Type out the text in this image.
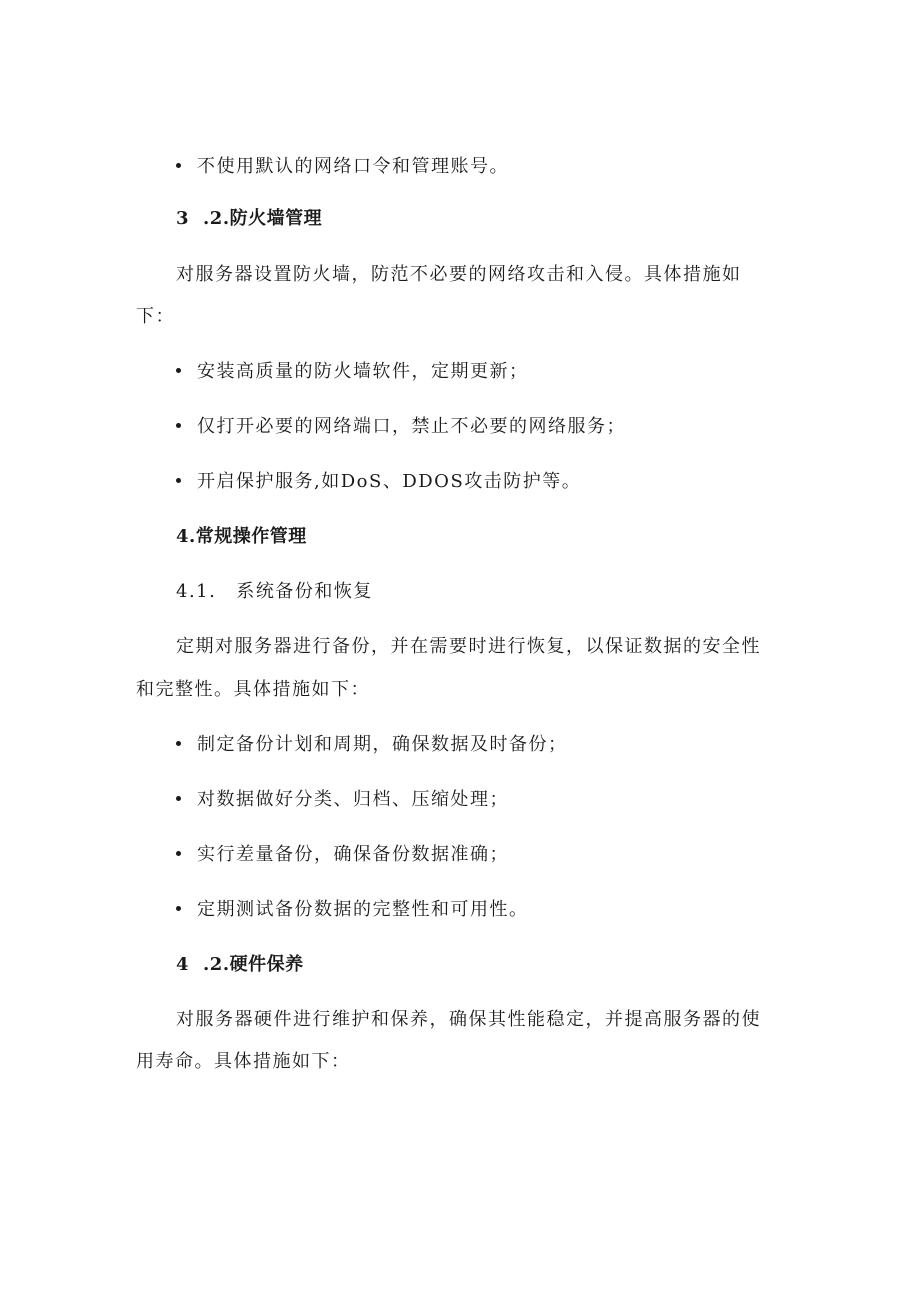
不使用默认的网络口令和管理账号。
3 .2.防火墙管理
对服务器设置防火墙，防范不必要的网络攻击和入侵。具体措施如
下：
安装高质量的防火墙软件，定期更新；
仅打开必要的网络端口，禁止不必要的网络服务；
开启保护服务,如DoS、DDOS攻击防护等。
4.常规操作管理
4.1. 系统备份和恢复
定期对服务器进行备份，并在需要时进行恢复，以保证数据的安全性
和完整性。具体措施如下：
制定备份计划和周期，确保数据及时备份；
对数据做好分类、归档、压缩处理；
实行差量备份，确保备份数据准确；
定期测试备份数据的完整性和可用性。
4 .2.硬件保养
对服务器硬件进行维护和保养，确保其性能稳定，并提高服务器的使
用寿命。具体措施如下：
